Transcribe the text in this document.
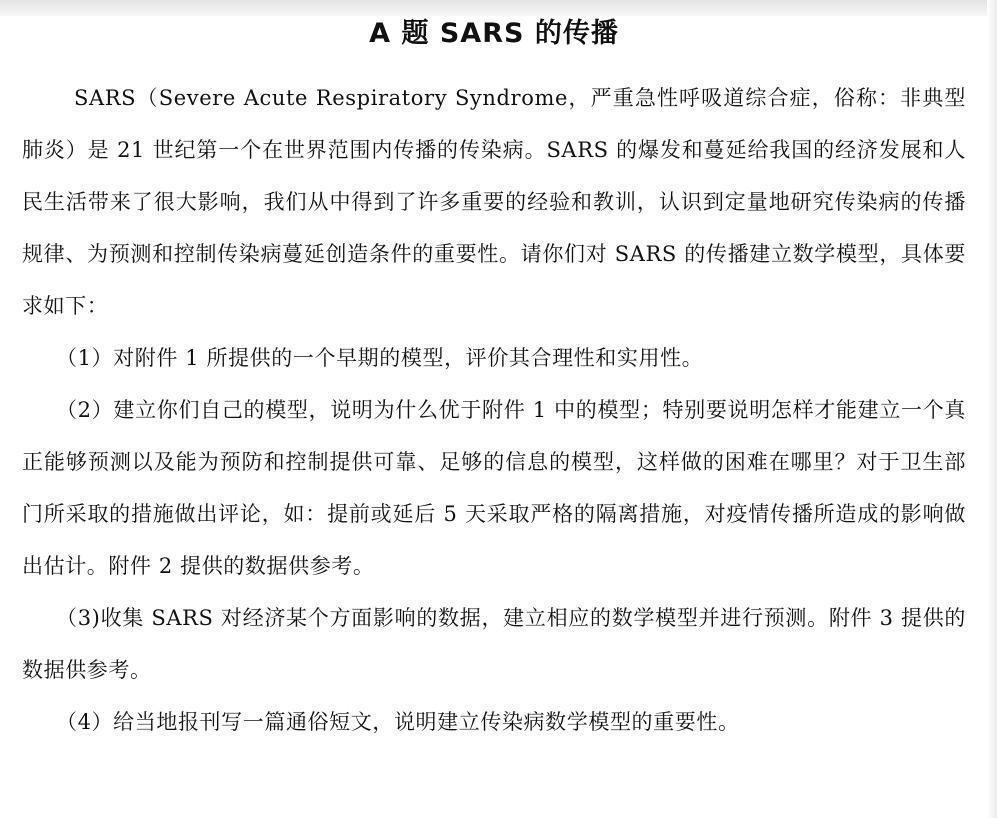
A 题 SARS 的传播

SARS（Severe Acute Respiratory Syndrome，严重急性呼吸道综合症，俗称：非典型肺炎）是 21 世纪第一个在世界范围内传播的传染病。SARS 的爆发和蔓延给我国的经济发展和人民生活带来了很大影响，我们从中得到了许多重要的经验和教训，认识到定量地研究传染病的传播规律、为预测和控制传染病蔓延创造条件的重要性。请你们对 SARS 的传播建立数学模型，具体要求如下：

（1）对附件 1 所提供的一个早期的模型，评价其合理性和实用性。

（2）建立你们自己的模型，说明为什么优于附件 1 中的模型；特别要说明怎样才能建立一个真正能够预测以及能为预防和控制提供可靠、足够的信息的模型，这样做的困难在哪里？对于卫生部门所采取的措施做出评论，如：提前或延后 5 天采取严格的隔离措施，对疫情传播所造成的影响做出估计。附件 2 提供的数据供参考。

（3)收集 SARS 对经济某个方面影响的数据，建立相应的数学模型并进行预测。附件 3 提供的数据供参考。

（4）给当地报刊写一篇通俗短文，说明建立传染病数学模型的重要性。
